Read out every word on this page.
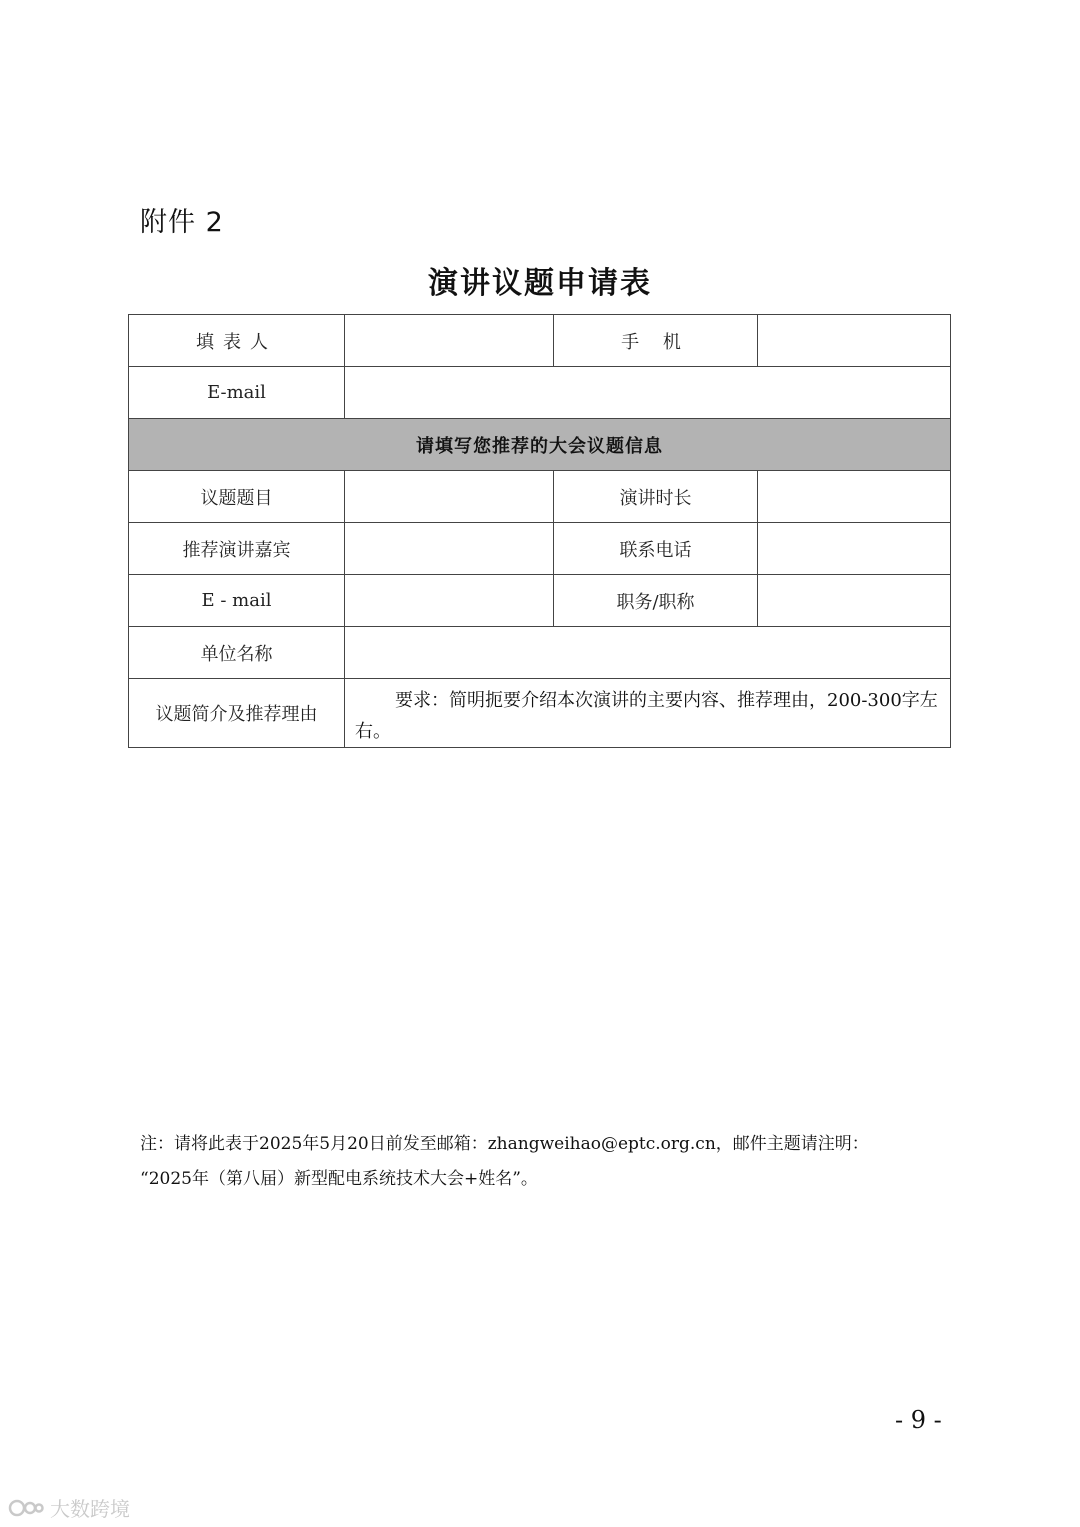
附件 2
演讲议题申请表
填表人		手 机	
E-mail			
请填写您推荐的大会议题信息			
议题题目		演讲时长	
推荐演讲嘉宾		联系电话	
E - mail		职务/职称	
单位名称			
议题简介及推荐理由	要求：简明扼要介绍本次演讲的主要内容、推荐理由，200-300字左右。		
注：请将此表于2025年5月20日前发至邮箱：zhangweihao@eptc.org.cn，邮件主题请注明：
“2025年（第八届）新型配电系统技术大会+姓名”。
- 9 -
大数跨境
